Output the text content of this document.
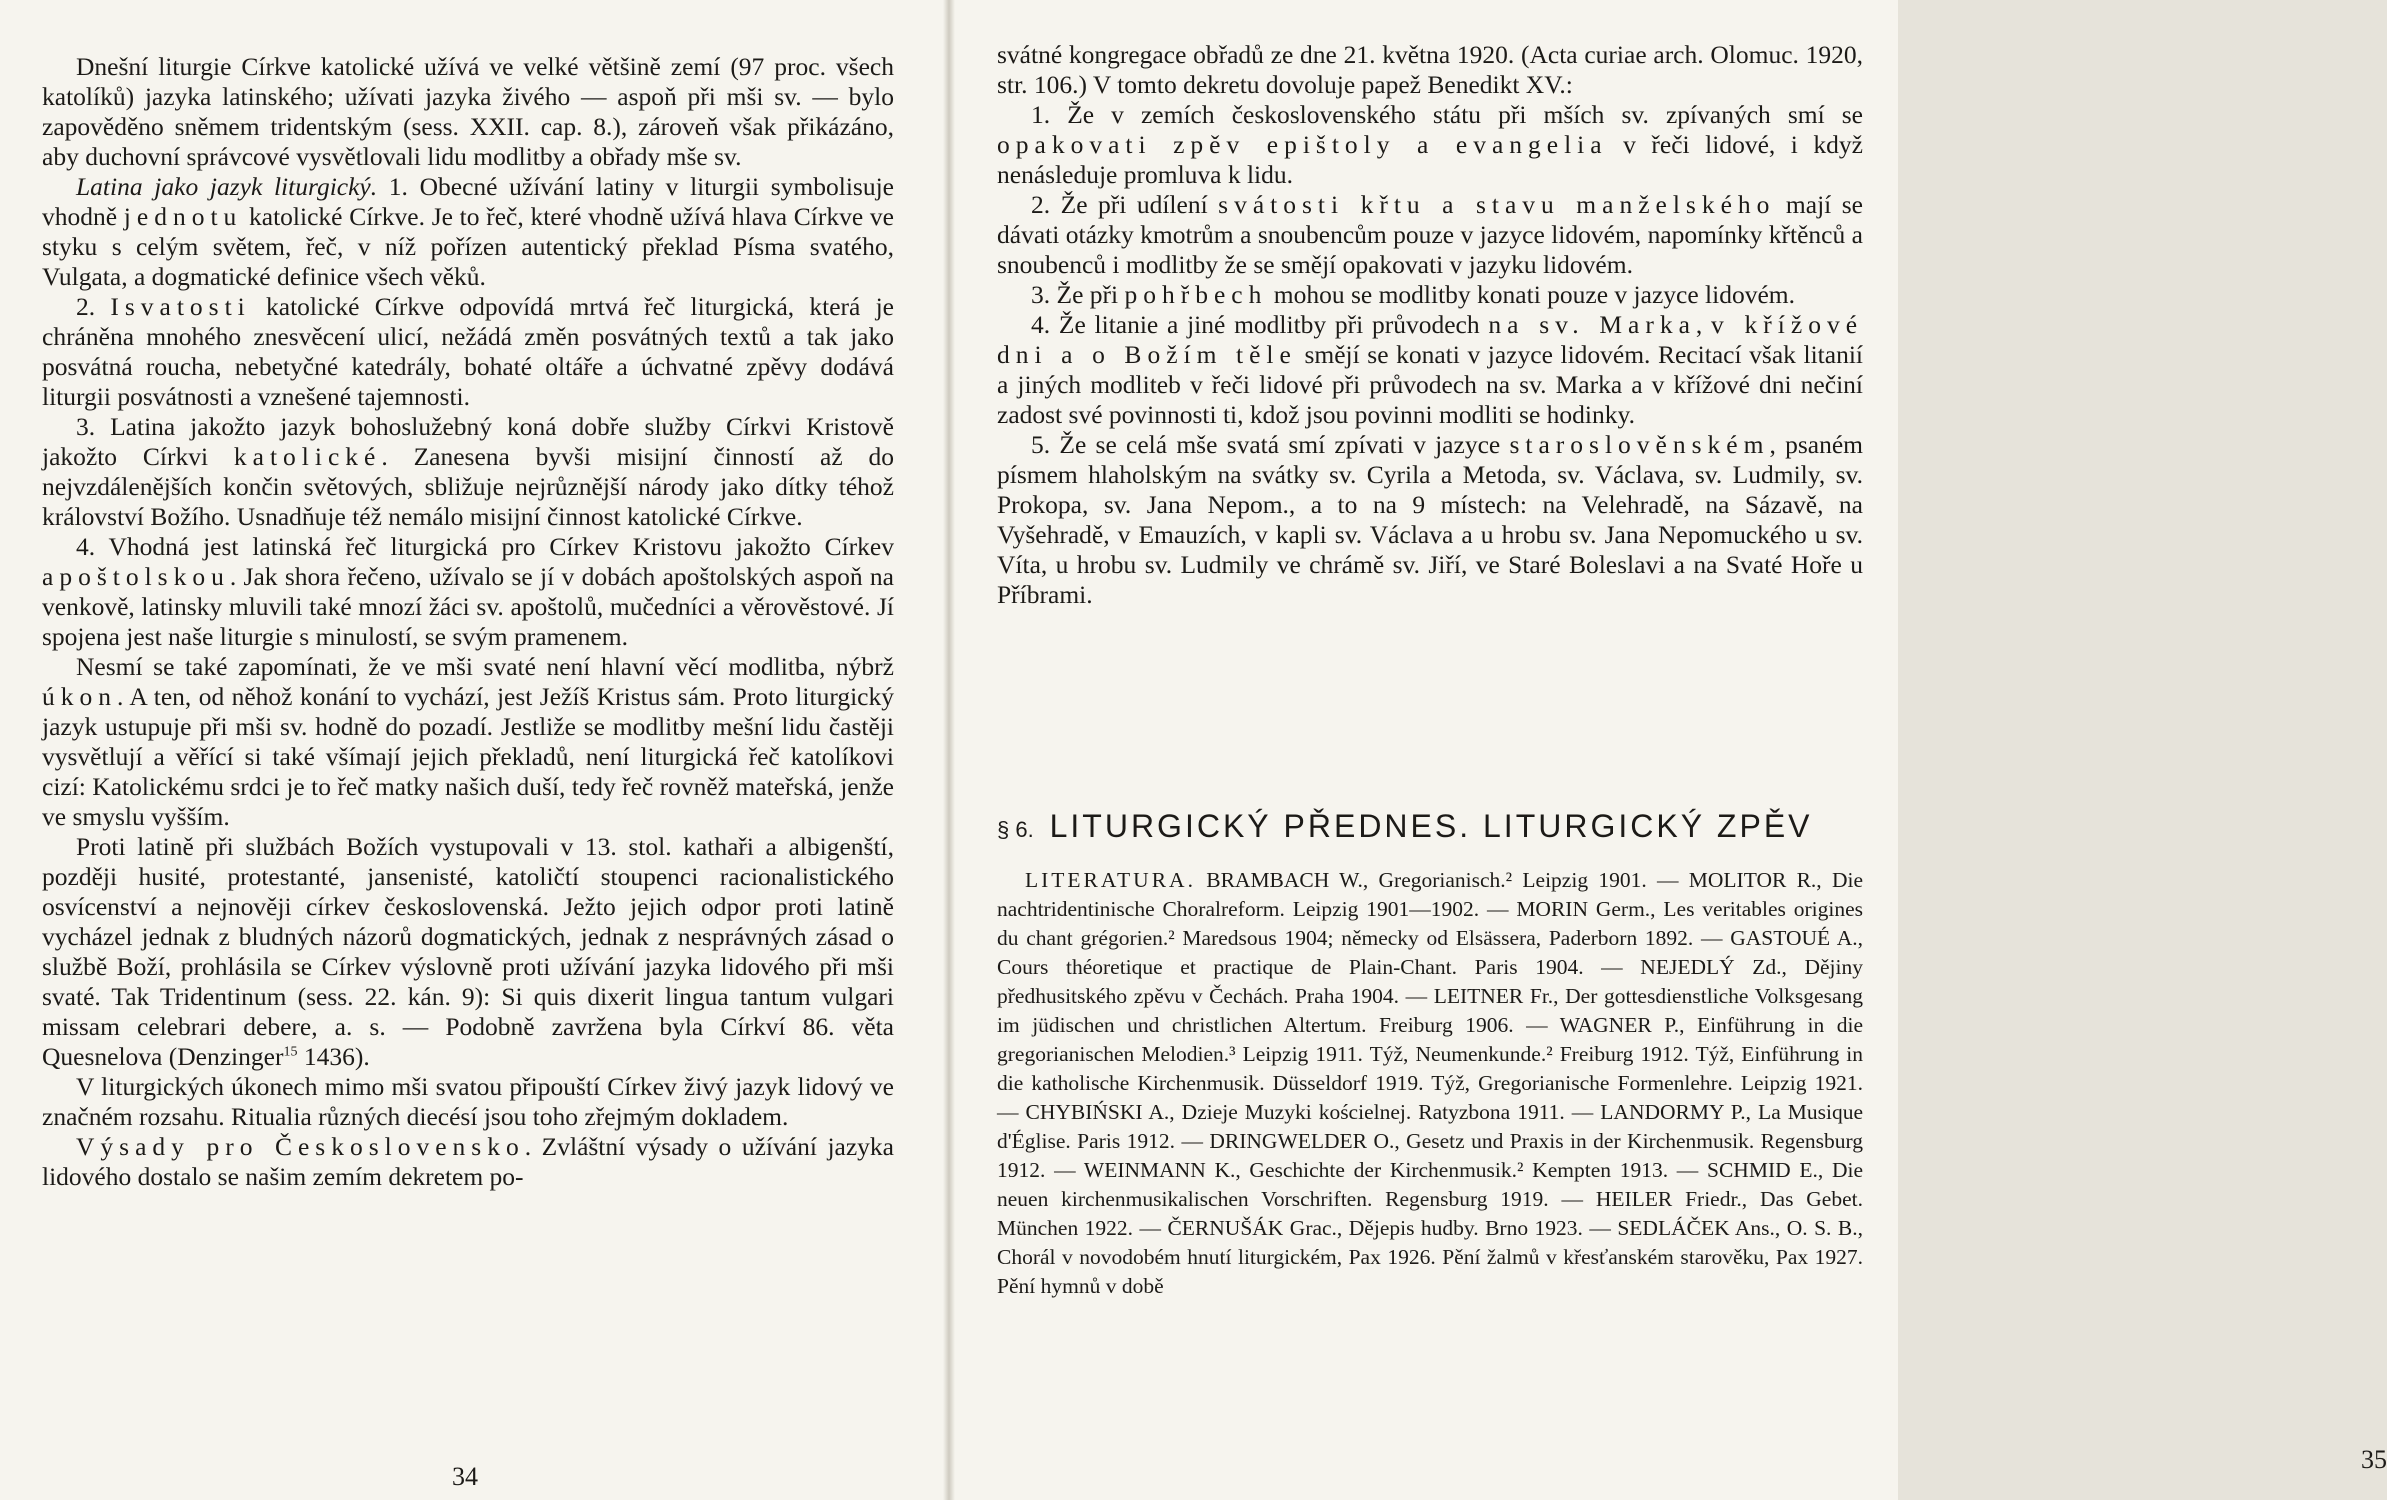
Dnešní liturgie Církve katolické užívá ve velké většině zemí (97 proc. všech katolíků) jazyka latinského; užívati jazyka živého — aspoň při mši sv. — bylo zapověděno sněmem tridentským (sess. XXII. cap. 8.), zároveň však přikázáno, aby duchovní správcové vysvětlovali lidu modlitby a obřady mše sv.

Latina jako jazyk liturgický. 1. Obecné užívání latiny v liturgii symbolisuje vhodně jednotu katolické Církve. Je to řeč, které vhodně užívá hlava Církve ve styku s celým světem, řeč, v níž pořízen autentický překlad Písma svatého, Vulgata, a dogmatické definice všech věků.

2. Isvatosti katolické Církve odpovídá mrtvá řeč liturgická, která je chráněna mnohého znesvěcení ulicí, nežádá změn posvátných textů a tak jako posvátná roucha, nebetyčné katedrály, bohaté oltáře a úchvatné zpěvy dodává liturgii posvátnosti a vznešené tajemnosti.

3. Latina jakožto jazyk bohoslužebný koná dobře služby Církvi Kristově jakožto Církvi katolické. Zanesena byvši misijní činností až do nejvzdálenějších končin světových, sbližuje nejrůznější národy jako dítky téhož království Božího. Usnadňuje též nemálo misijní činnost katolické Církve.

4. Vhodná jest latinská řeč liturgická pro Církev Kristovu jakožto Církev apoštolskou. Jak shora řečeno, užívalo se jí v dobách apoštolských aspoň na venkově, latinsky mluvili také mnozí žáci sv. apoštolů, mučedníci a věrověstové. Jí spojena jest naše liturgie s minulostí, se svým pramenem.

Nesmí se také zapomínati, že ve mši svaté není hlavní věcí modlitba, nýbrž úkon. A ten, od něhož konání to vychází, jest Ježíš Kristus sám. Proto liturgický jazyk ustupuje při mši sv. hodně do pozadí. Jestliže se modlitby mešní lidu častěji vysvětlují a věřící si také všímají jejich překladů, není liturgická řeč katolíkovi cizí: Katolickému srdci je to řeč matky našich duší, tedy řeč rovněž mateřská, jenže ve smyslu vyšším.

Proti latině při službách Božích vystupovali v 13. stol. kathaři a albigenští, později husité, protestanté, jansenisté, katoličtí stoupenci racionalistického osvícenství a nejnověji církev československá. Ježto jejich odpor proti latině vycházel jednak z bludných názorů dogmatických, jednak z nesprávných zásad o službě Boží, prohlásila se Církev výslovně proti užívání jazyka lidového při mši svaté. Tak Tridentinum (sess. 22. kán. 9): Si quis dixerit lingua tantum vulgari missam celebrari debere, a. s. — Podobně zavržena byla Církví 86. věta Quesnelova (Denzinger$^{15}$ 1436).

V liturgických úkonech mimo mši svatou připouští Církev živý jazyk lidový ve značném rozsahu. Ritualia různých diecésí jsou toho zřejmým dokladem.

Výsady pro Československo. Zvláštní výsady o užívání jazyka lidového dostalo se našim zemím dekretem po-

34

svátné kongregace obřadů ze dne 21. května 1920. (Acta curiae arch. Olomuc. 1920, str. 106.) V tomto dekretu dovoluje papež Benedikt XV.:

1. Že v zemích československého státu při mších sv. zpívaných smí se opakovati zpěv epištoly a evangelia v řeči lidové, i když nenásleduje promluva k lidu.

2. Že při udílení svátosti křtu a stavu manželského mají se dávati otázky kmotrům a snoubencům pouze v jazyce lidovém, napomínky křtěnců a snoubenců i modlitby že se smějí opakovati v jazyku lidovém.

3. Že při pohřbech mohou se modlitby konati pouze v jazyce lidovém.

4. Že litanie a jiné modlitby při průvodech na sv. Marka, v křížové dni a o Božím těle smějí se konati v jazyce lidovém. Recitací však litanií a jiných modliteb v řeči lidové při průvodech na sv. Marka a v křížové dni nečiní zadost své povinnosti ti, kdož jsou povinni modliti se hodinky.

5. Že se celá mše svatá smí zpívati v jazyce staroslověnském, psaném písmem hlaholským na svátky sv. Cyrila a Metoda, sv. Václava, sv. Ludmily, sv. Prokopa, sv. Jana Nepom., a to na 9 místech: na Velehradě, na Sázavě, na Vyšehradě, v Emauzích, v kapli sv. Václava a u hrobu sv. Jana Nepomuckého u sv. Víta, u hrobu sv. Ludmily ve chrámě sv. Jiří, ve Staré Boleslavi a na Svaté Hoře u Příbrami.

§ 6. LITURGICKÝ PŘEDNES. LITURGICKÝ ZPĚV
LITERATURA. BRAMBACH W., Gregorianisch.² Leipzig 1901. — MOLITOR R., Die nachtridentinische Choralreform. Leipzig 1901—1902. — MORIN Germ., Les veritables origines du chant grégorien.² Maredsous 1904; německy od Elsässera, Paderborn 1892. — GASTOUÉ A., Cours théoretique et practique de Plain-Chant. Paris 1904. — NEJEDLÝ Zd., Dějiny předhusitského zpěvu v Čechách. Praha 1904. — LEITNER Fr., Der gottesdienstliche Volksgesang im jüdischen und christlichen Altertum. Freiburg 1906. — WAGNER P., Einführung in die gregorianischen Melodien.³ Leipzig 1911. Týž, Neumenkunde.² Freiburg 1912. Týž, Einführung in die katholische Kirchenmusik. Düsseldorf 1919. Týž, Gregorianische Formenlehre. Leipzig 1921. — CHYBIŃSKI A., Dzieje Muzyki kościelnej. Ratyzbona 1911. — LANDORMY P., La Musique d'Église. Paris 1912. — DRINGWELDER O., Gesetz und Praxis in der Kirchenmusik. Regensburg 1912. — WEINMANN K., Geschichte der Kirchenmusik.² Kempten 1913. — SCHMID E., Die neuen kirchenmusikalischen Vorschriften. Regensburg 1919. — HEILER Friedr., Das Gebet. München 1922. — ČERNUŠÁK Grac., Dějepis hudby. Brno 1923. — SEDLÁČEK Ans., O. S. B., Chorál v novodobém hnutí liturgickém, Pax 1926. Pění žalmů v křesťanském starověku, Pax 1927. Pění hymnů v době
35
